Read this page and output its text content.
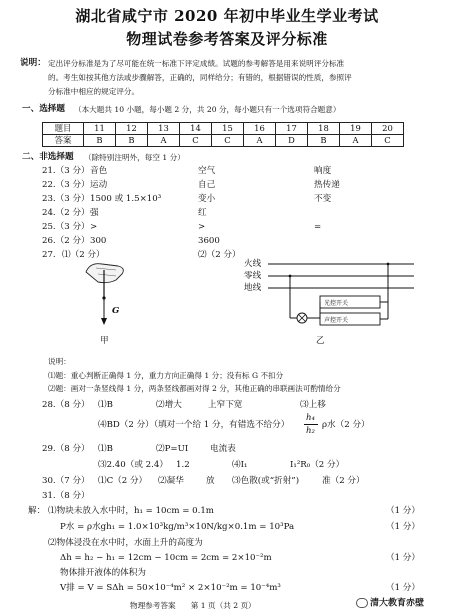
湖北省咸宁市 2020 年初中毕业生学业考试
物理试卷参考答案及评分标准
说明： 定出评分标准是为了尽可能在统一标准下评定成绩。试题的参考解答是用来说明评分标准
的。考生如按其他方法或步骤解答，正确的，同样给分；有错的，根据错误的性质，参照评
分标准中相应的规定评分。
一、选择题 （本大题共 10 小题，每小题 2 分，共 20 分，每小题只有一个选项符合题意）
题目	11	12	13	14	15	16	17	18	19	20
答案	B	B	A	C	C	A	D	B	A	C
二、非选择题 （除特别注明外，每空 1 分）
21.（3 分） 音色	空气	响度
22.（3 分） 运动	自己	热传递
23.（3 分） 1500 或 1.5×10³	变小	不变
24.（2 分） 强	红
25.（3 分） >	>	=
26.（2 分） 300	3600
27. ⑴（2 分）	⑵（2 分）
G
甲
火线
零线
地线
光控开关
声控开关
乙
说明：
⑴题：重心判断正确得 1 分，重力方向正确得 1 分；没有标 G 不扣分
⑵题：画对一条竖线得 1 分，两条竖线都画对得 2 分，其他正确的串联画法可酌情给分
28.（8 分） ⑴B	⑵增大	上窄下宽	⑶上移
⑷BD（2 分）（填对一个给 1 分，有错选不给分）
h₄
h₂
ρ水（2 分）
29.（8 分） ⑴B	⑵P=UI	电流表
⑶2.40（或 2.4） 1.2	⑷I₁	I₁²R₀（2 分）
30.（7 分） ⑴C（2 分） ⑵凝华	放 ⑶色散(或“折射”)	准（2 分）
31.（8 分）
解： ⑴物块未放入水中时，h₁ = 10cm = 0.1m	（1 分）
P水 = ρ水gh₁ = 1.0×10³kg/m³×10N/kg×0.1m = 10³Pa	（1 分）
⑵物体浸没在水中时，水面上升的高度为
Δh = h₂ − h₁ = 12cm − 10cm = 2cm = 2×10⁻²m	（1 分）
物体排开液体的体积为
V排 = V = SΔh = 50×10⁻⁴m² × 2×10⁻²m = 10⁻⁴m³	（1 分）
物理参考答案　　第 1 页（共 2 页）	清大教育赤壁
